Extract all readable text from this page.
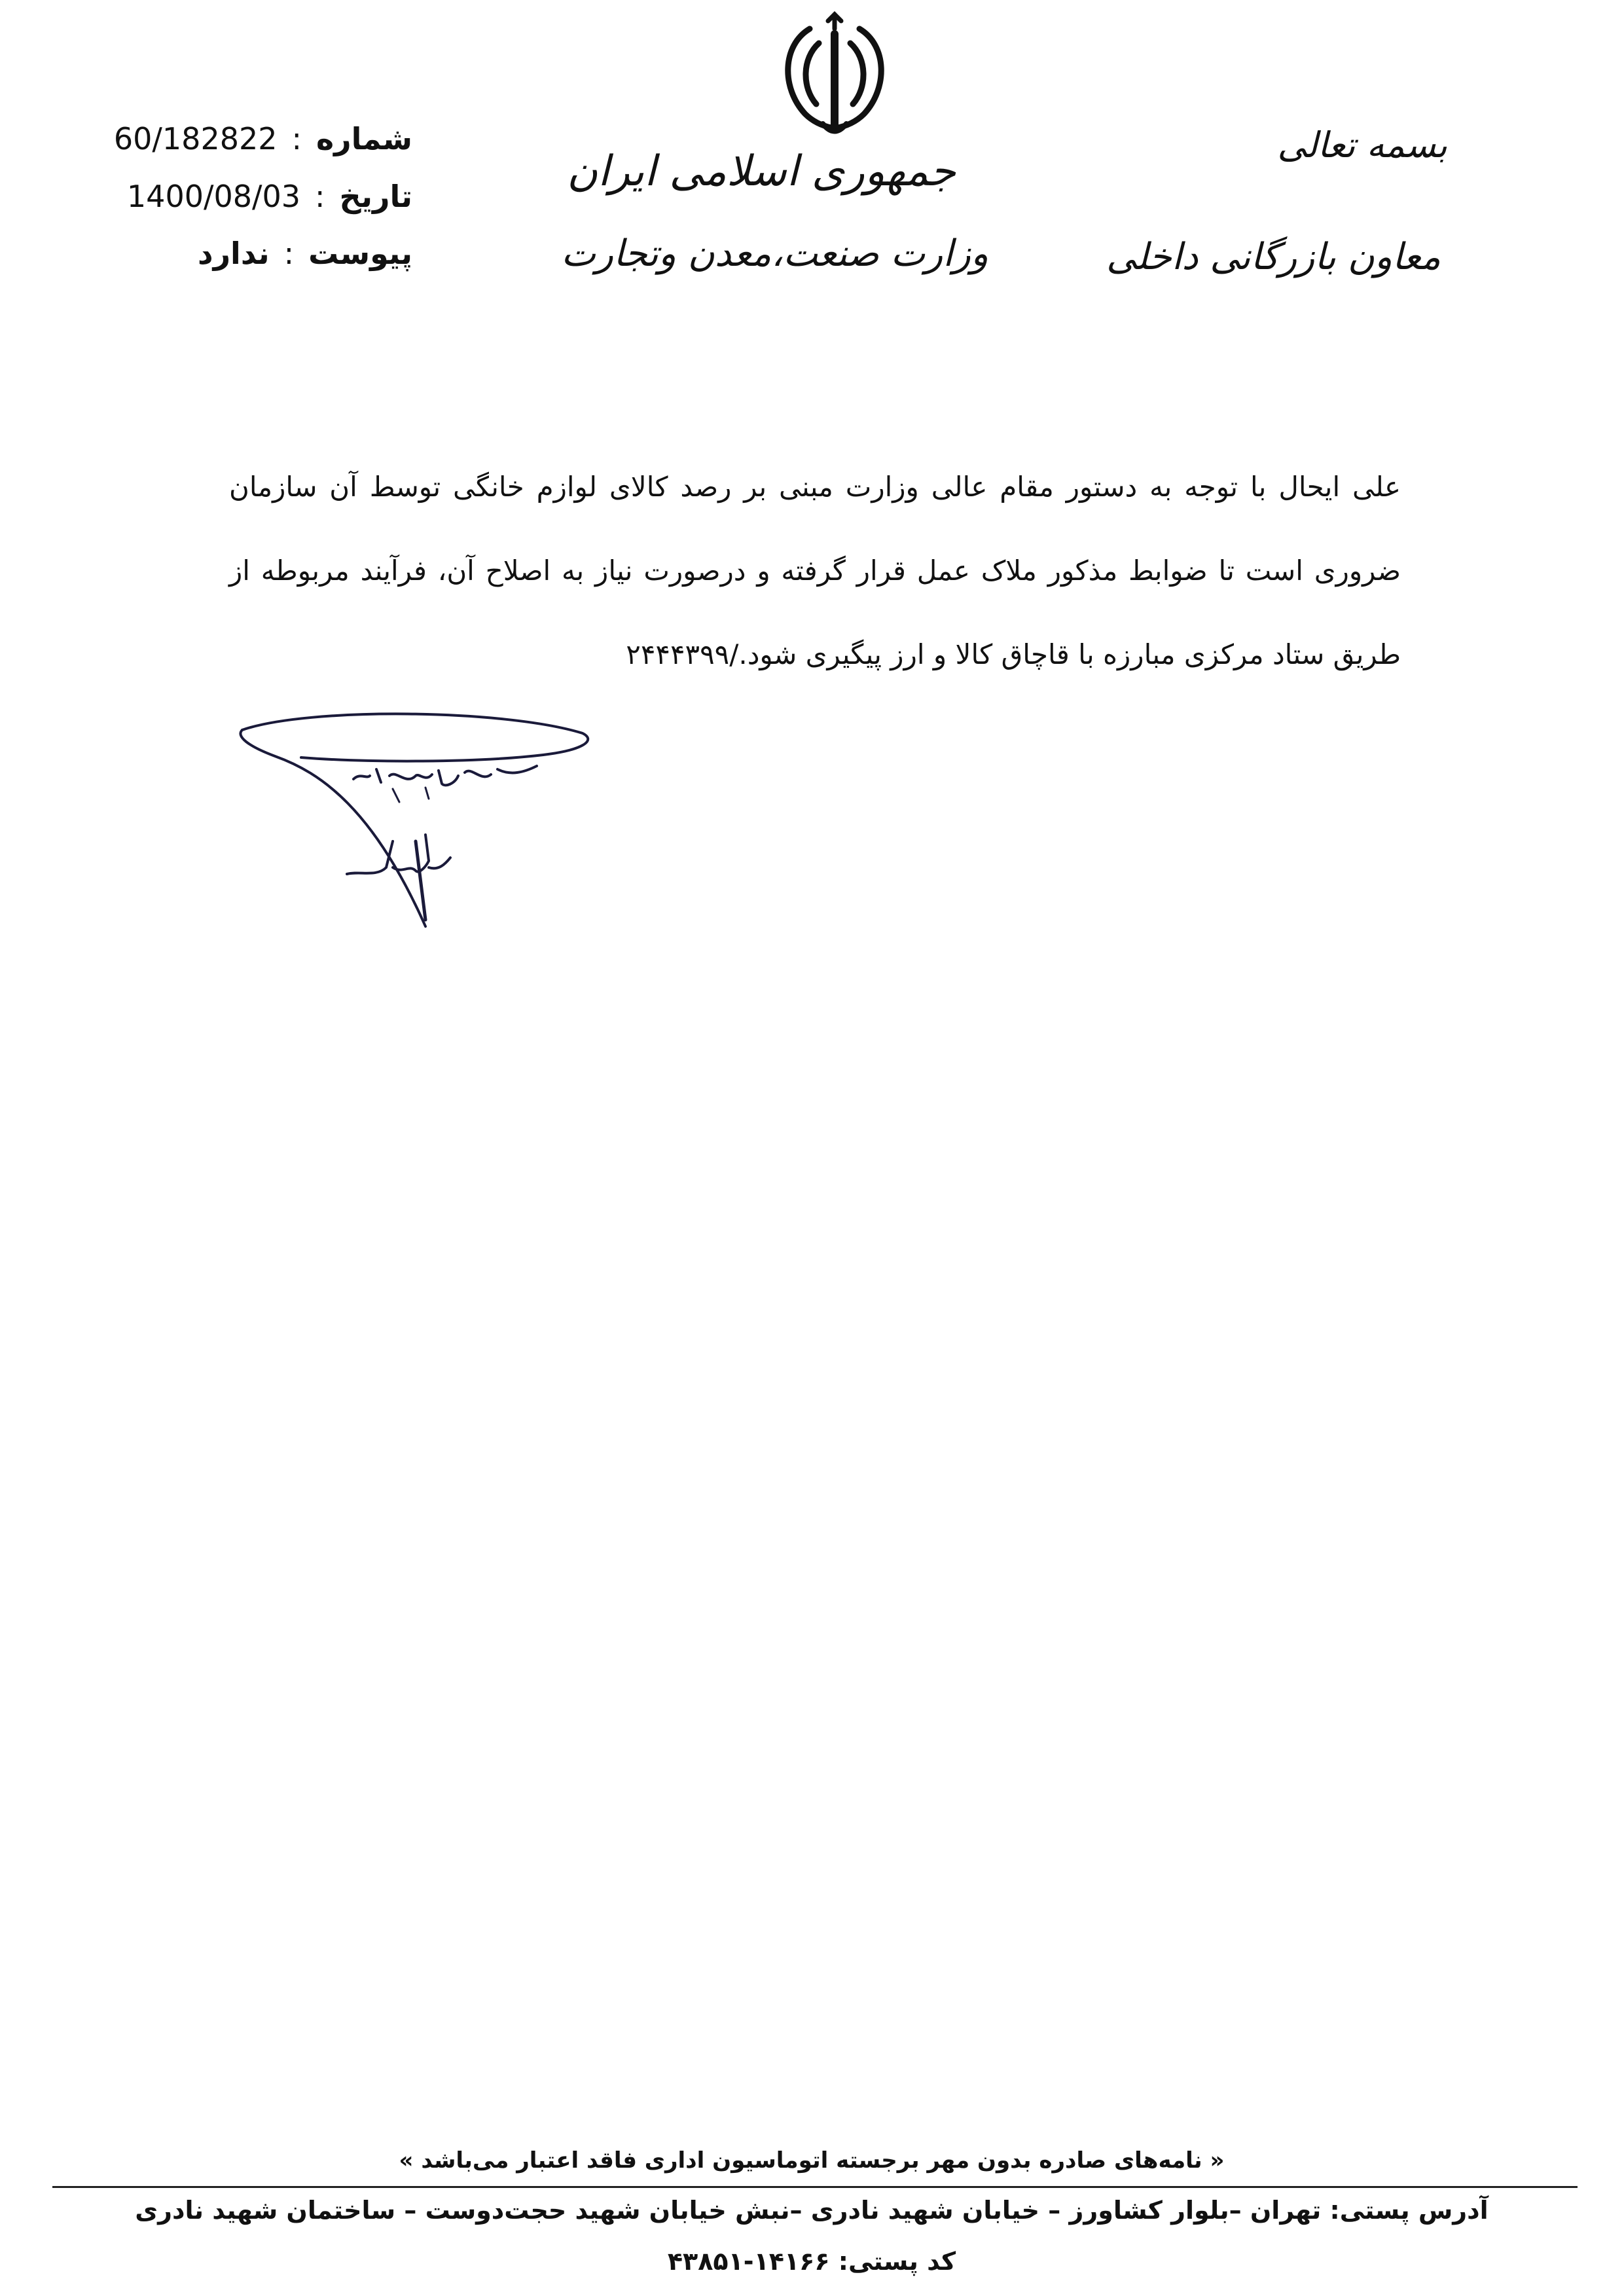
جمهوری اسلامی ایران
وزارت صنعت،معدن وتجارت
بسمه تعالی
معاون بازرگانی داخلی
شماره
:
60/182822
تاریخ
:
1400/08/03
پیوست
:
ندارد
علی ایحال با توجه به دستور مقام عالی وزارت مبنی بر رصد کالای لوازم خانگی توسط آن سازمان ضروری است تا ضوابط مذکور ملاک عمل قرار گرفته و درصورت نیاز به اصلاح آن، فرآیند مربوطه از طریق ستاد مرکزی مبارزه با قاچاق کالا و ارز پیگیری شود./۲۴۴۴۳۹۹
« نامه‌های صادره بدون مهر برجسته اتوماسیون اداری فاقد اعتبار می‌باشد »
آدرس پستی: تهران –بلوار کشاورز – خیابان شهید نادری –نبش خیابان شهید حجت‌دوست – ساختمان شهید نادری
کد پستی: ۱۴۱۶۶-۴۳۸۵۱
